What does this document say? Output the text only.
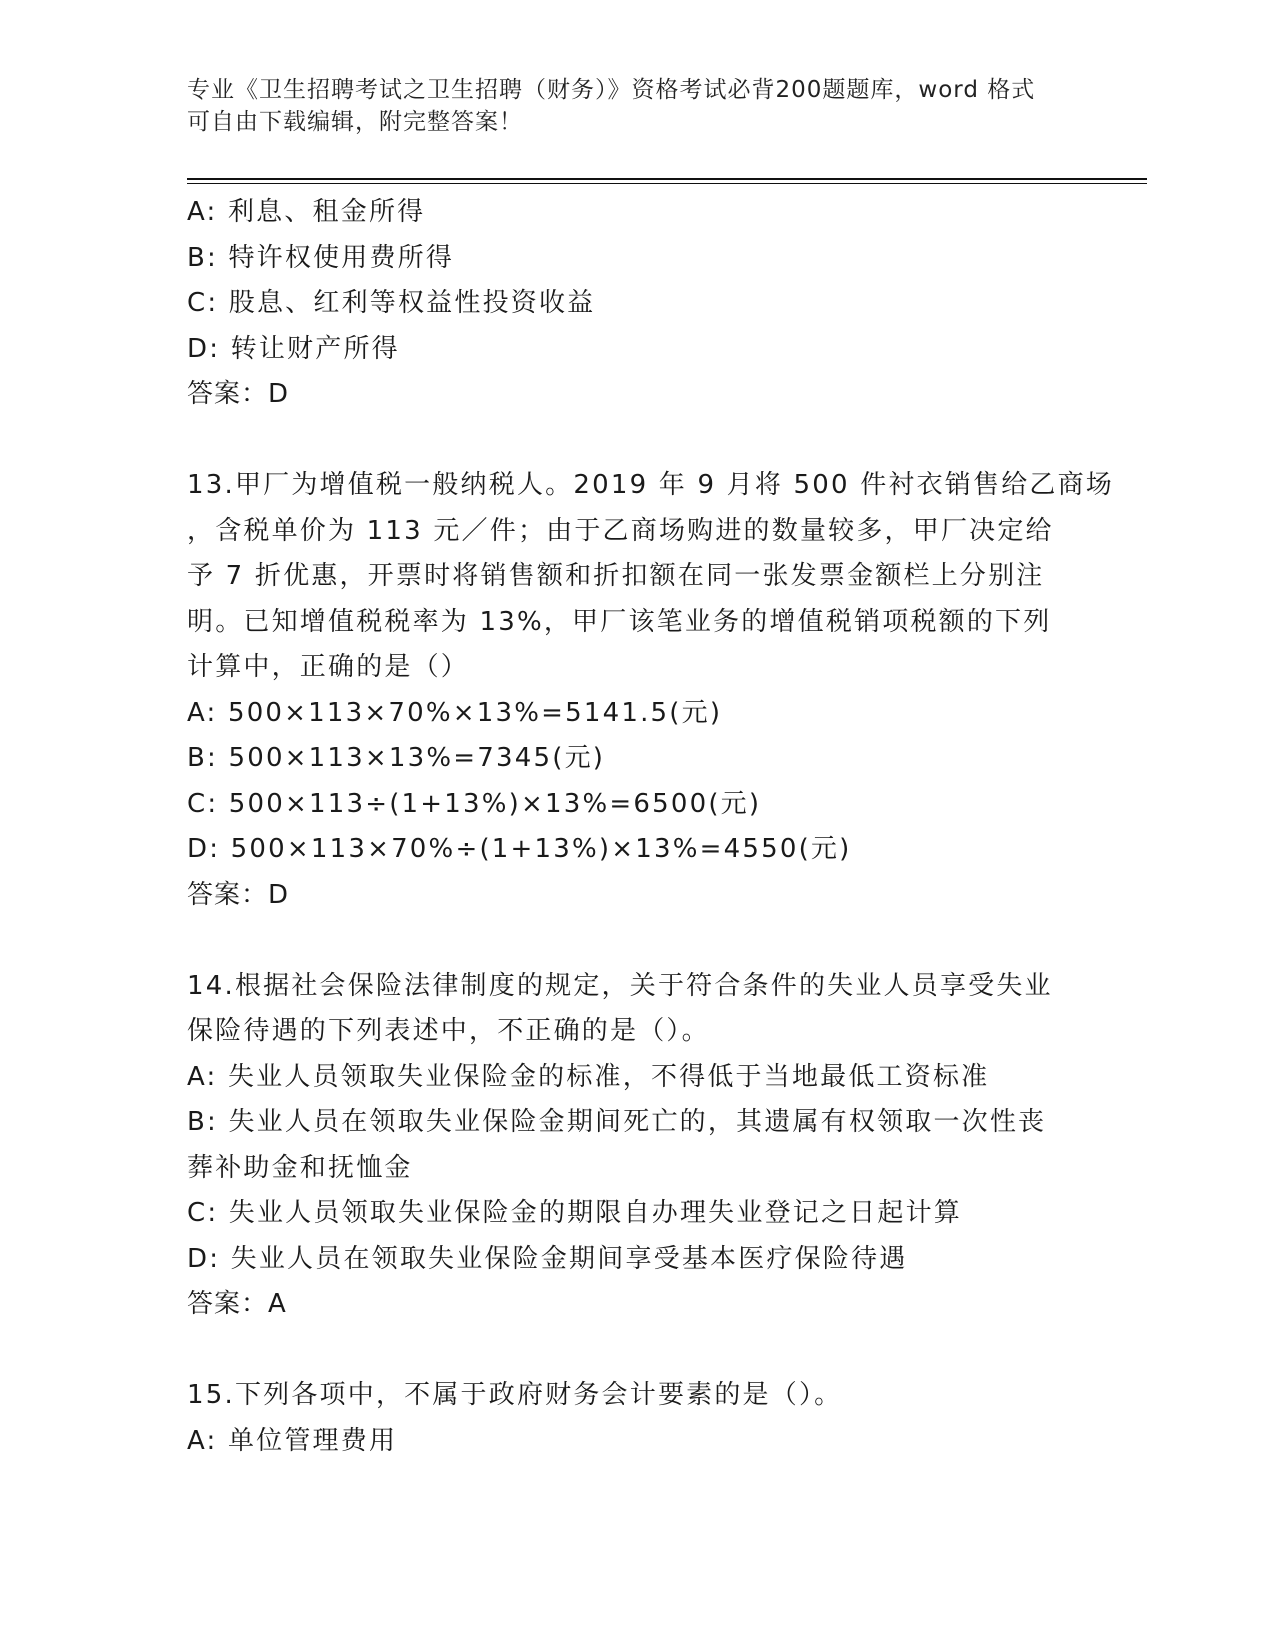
专业《卫生招聘考试之卫生招聘（财务）》资格考试必背200题题库，word 格式
可自由下载编辑，附完整答案！
A: 利息、租金所得
B: 特许权使用费所得
C: 股息、红利等权益性投资收益
D: 转让财产所得
答案：D
13.甲厂为增值税一般纳税人。2019 年 9 月将 500 件衬衣销售给乙商场
，含税单价为 113 元／件；由于乙商场购进的数量较多，甲厂决定给
予 7 折优惠，开票时将销售额和折扣额在同一张发票金额栏上分别注
明。已知增值税税率为 13%，甲厂该笔业务的增值税销项税额的下列
计算中，正确的是（）
A: 500×113×70%×13%=5141.5(元)
B: 500×113×13%=7345(元)
C: 500×113÷(1+13%)×13%=6500(元)
D: 500×113×70%÷(1+13%)×13%=4550(元)
答案：D
14.根据社会保险法律制度的规定，关于符合条件的失业人员享受失业
保险待遇的下列表述中，不正确的是（）。
A: 失业人员领取失业保险金的标准，不得低于当地最低工资标准
B: 失业人员在领取失业保险金期间死亡的，其遗属有权领取一次性丧
葬补助金和抚恤金
C: 失业人员领取失业保险金的期限自办理失业登记之日起计算
D: 失业人员在领取失业保险金期间享受基本医疗保险待遇
答案：A
15.下列各项中，不属于政府财务会计要素的是（）。
A: 单位管理费用
